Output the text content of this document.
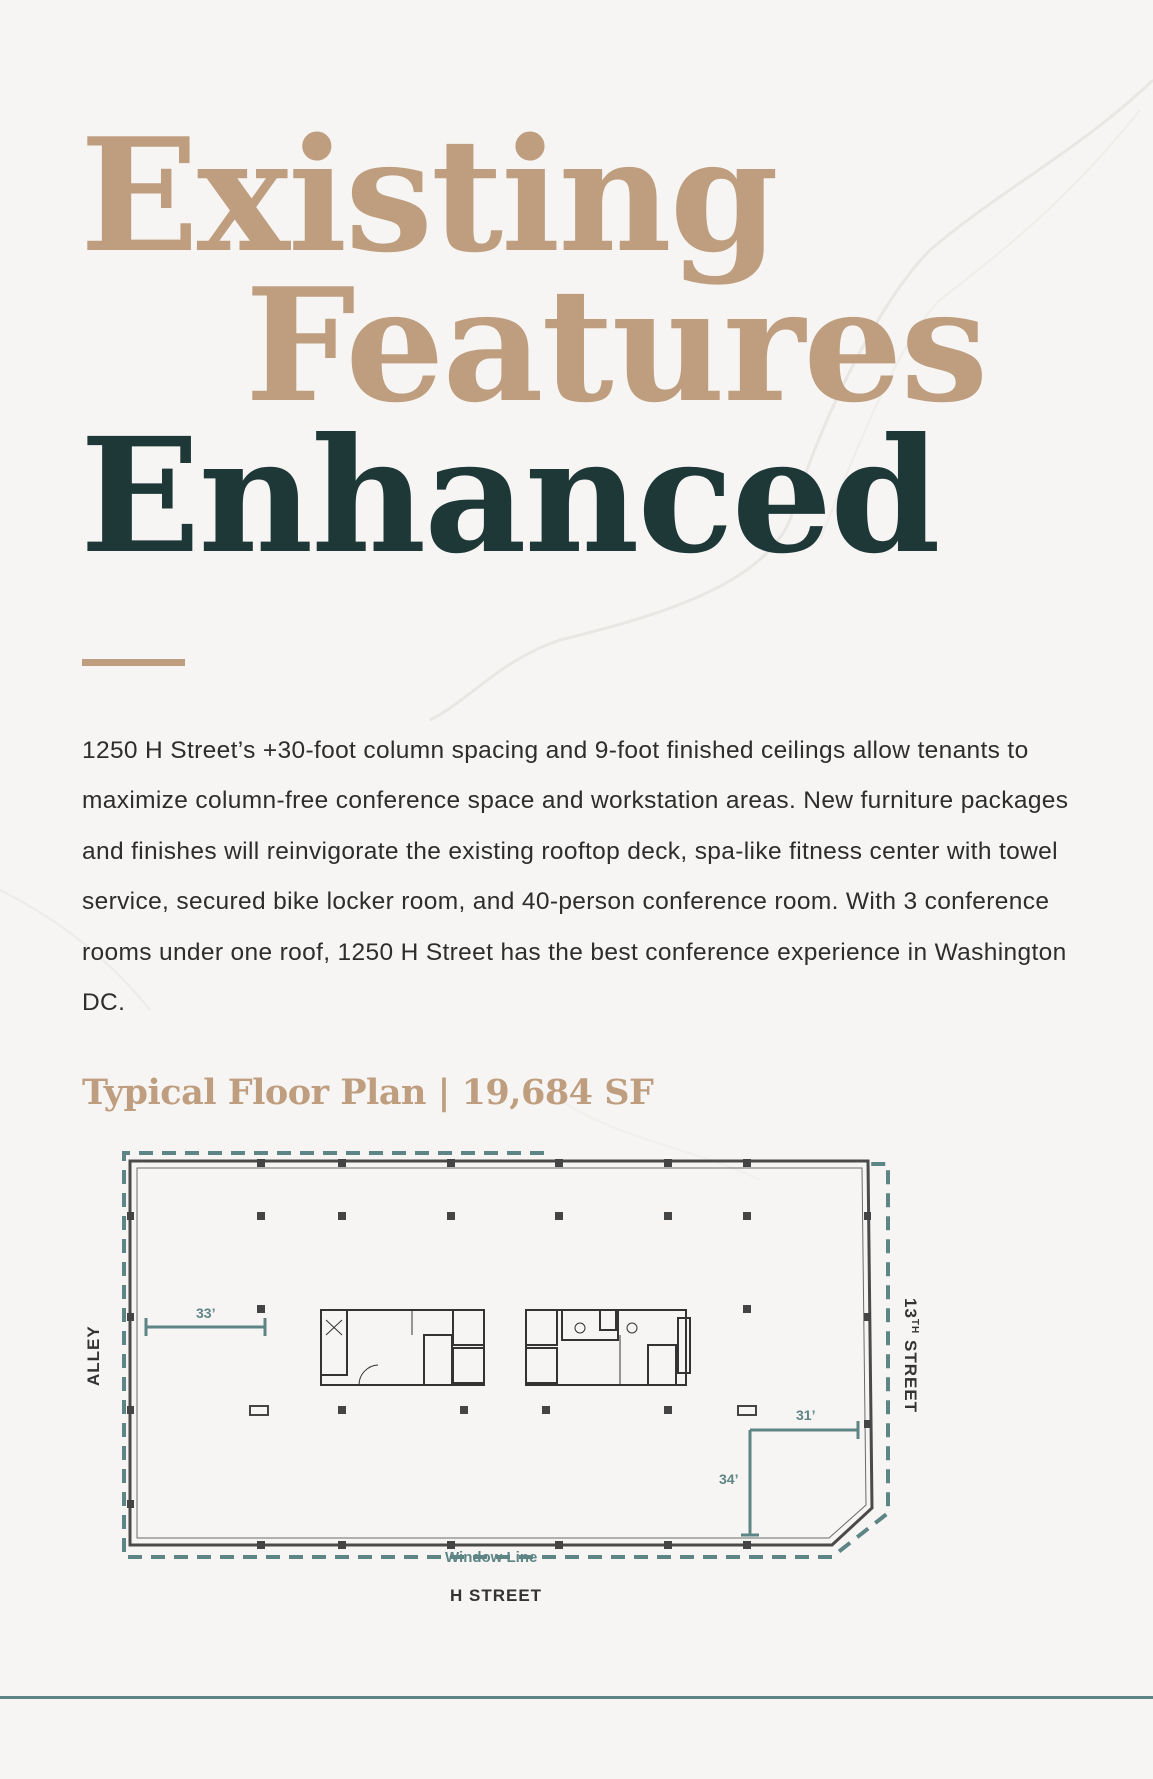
Existing
Features
Enhanced

1250 H Street’s +30-foot column spacing and 9-foot finished ceilings allow tenants to maximize column-free conference space and workstation areas. New furniture packages and finishes will reinvigorate the existing rooftop deck, spa-like fitness center with towel service, secured bike locker room, and 40-person conference room. With 3 conference rooms under one roof, 1250 H Street has the best conference experience in Washington DC.

Typical Floor Plan | 19,684 SF
33’
31’
34’
ALLEY
13TH STREET
Window Line
H STREET
